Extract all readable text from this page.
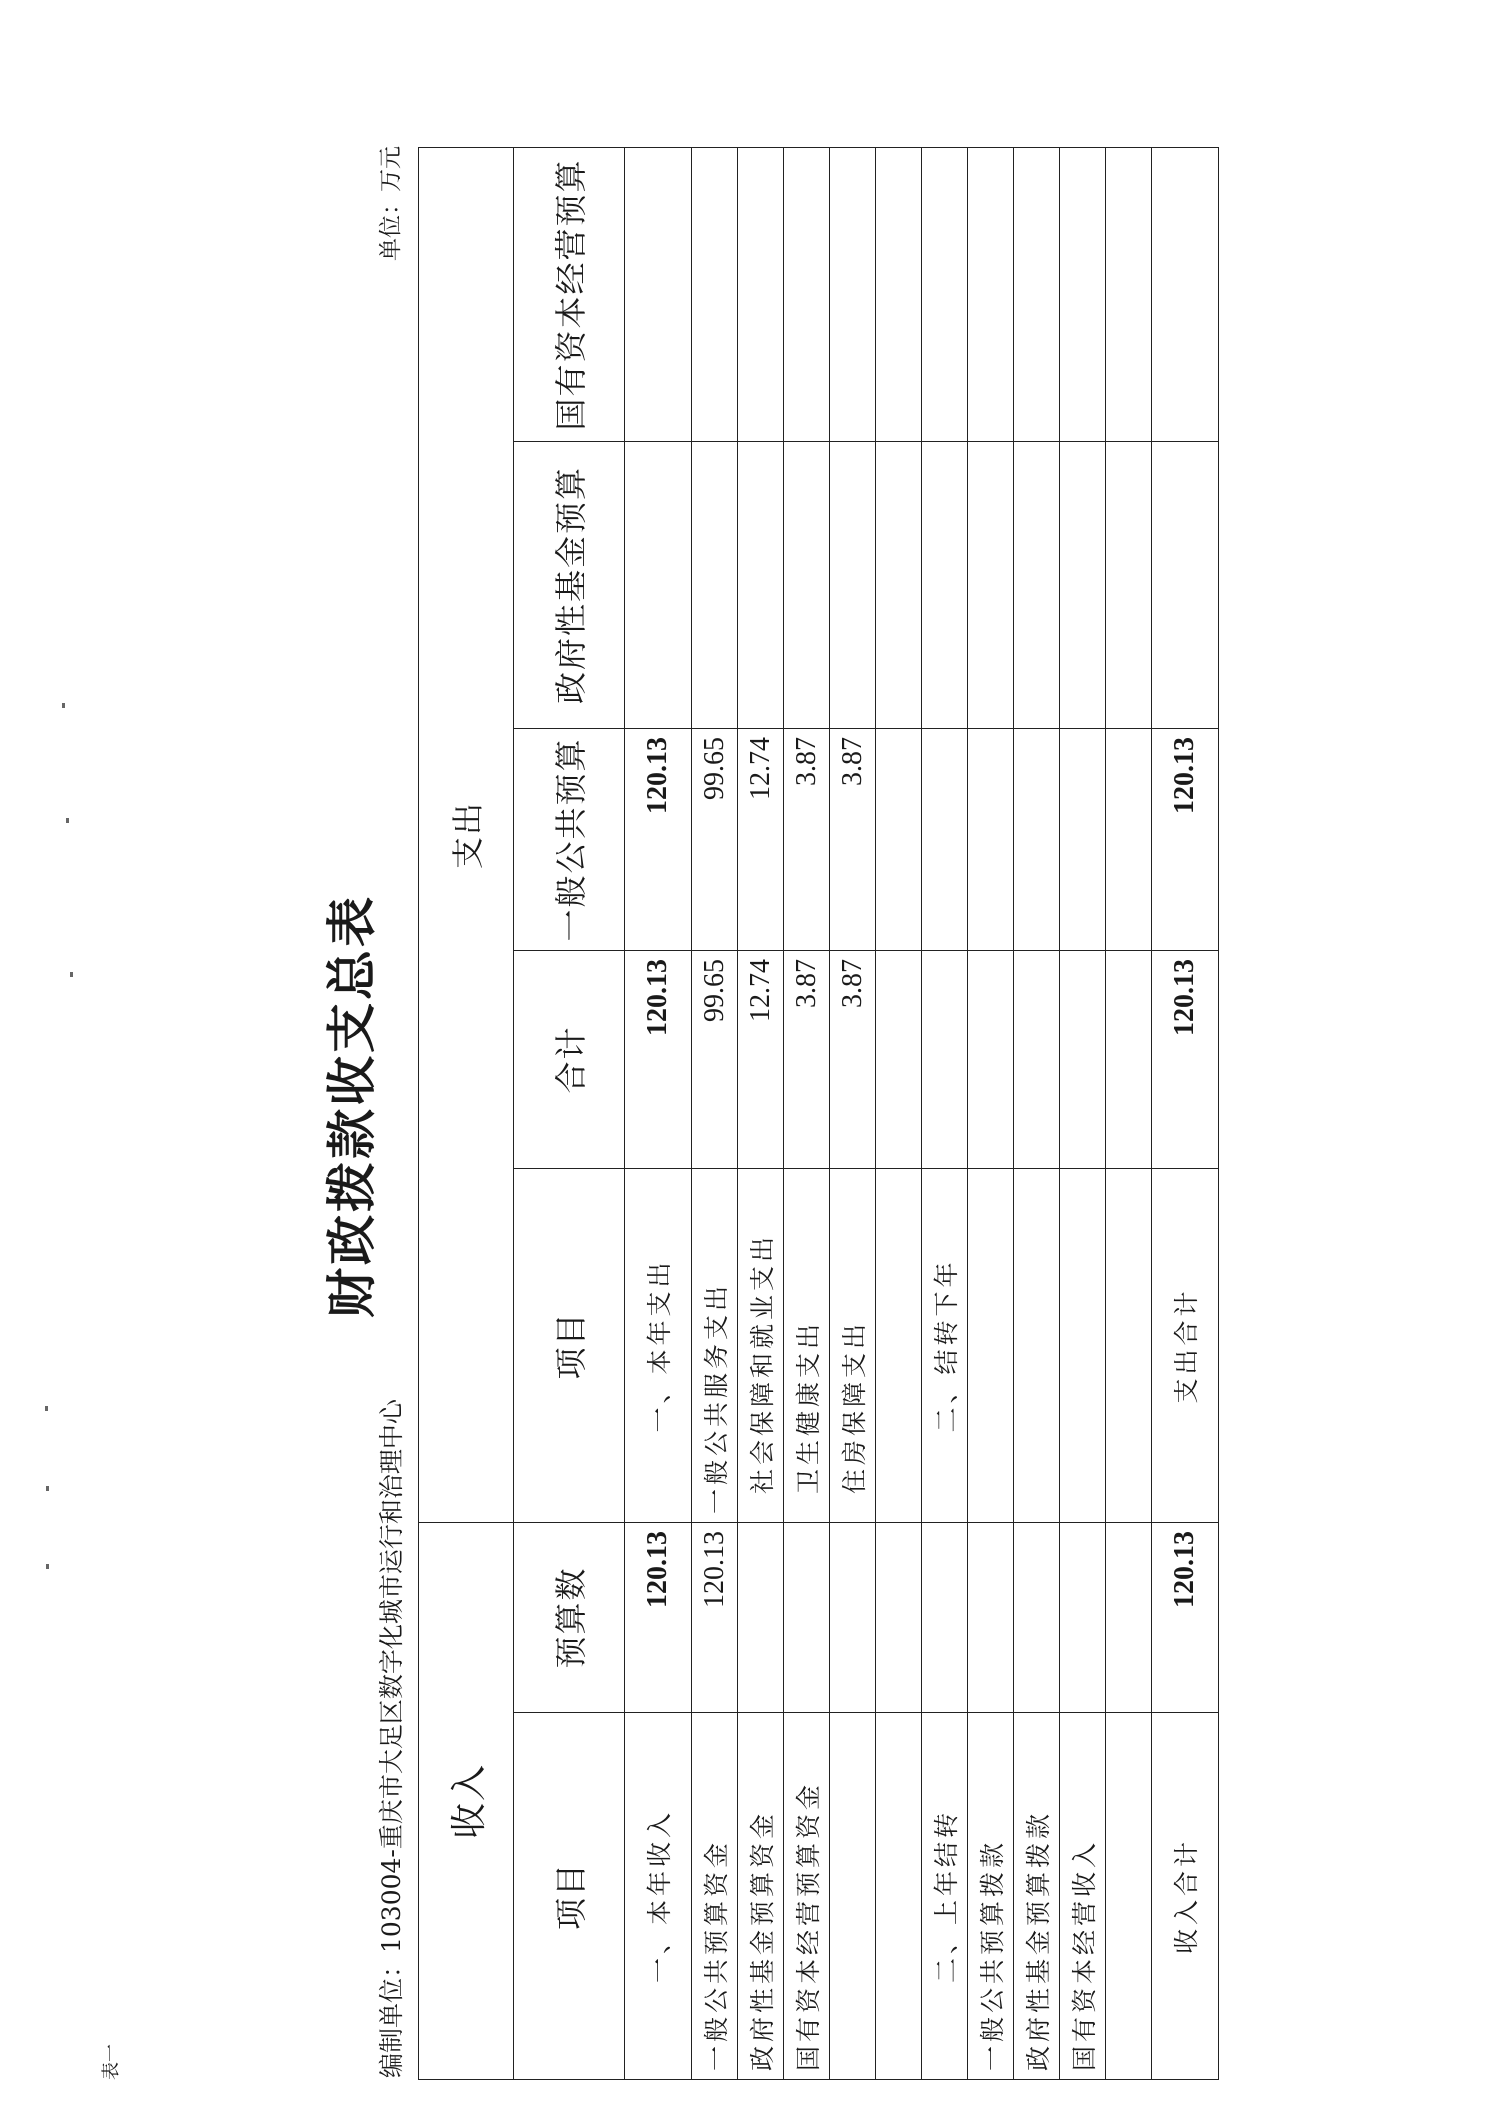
表一
财政拨款收支总表
编制单位：103004-重庆市大足区数字化城市运行和治理中心
单位：万元
收入		支出				
项目	预算数	项目	合计	一般公共预算	政府性基金预算	国有资本经营预算
一、本年收入	120.13	一、本年支出	120.13	120.13		
一般公共预算资金	120.13	一般公共服务支出	99.65	99.65		
政府性基金预算资金		社会保障和就业支出	12.74	12.74		
国有资本经营预算资金		卫生健康支出	3.87	3.87		
		住房保障支出	3.87	3.87		

二、上年结转		二、结转下年				
一般公共预算拨款						
政府性基金预算拨款						
国有资本经营收入						

收入合计	120.13	支出合计	120.13	120.13		
